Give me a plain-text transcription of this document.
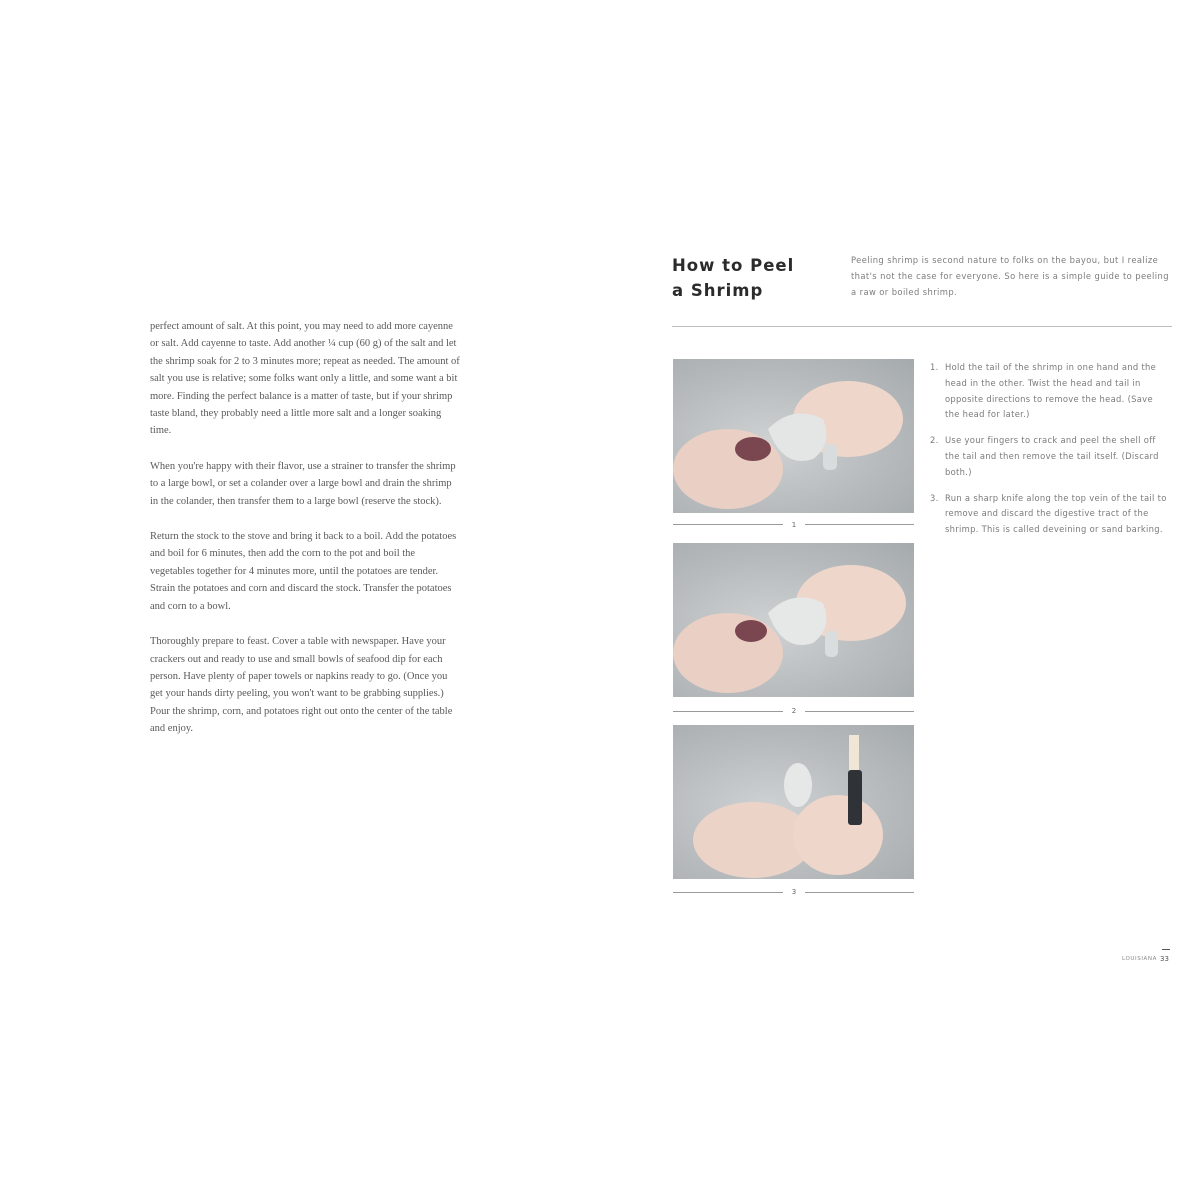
perfect amount of salt. At this point, you may need to add more cayenne or salt. Add cayenne to taste. Add another ¼ cup (60 g) of the salt and let the shrimp soak for 2 to 3 minutes more; repeat as needed. The amount of salt you use is relative; some folks want only a little, and some want a bit more. Finding the perfect balance is a matter of taste, but if your shrimp taste bland, they probably need a little more salt and a longer soaking time.

When you're happy with their flavor, use a strainer to transfer the shrimp to a large bowl, or set a colander over a large bowl and drain the shrimp in the colander, then transfer them to a large bowl (reserve the stock).

Return the stock to the stove and bring it back to a boil. Add the potatoes and boil for 6 minutes, then add the corn to the pot and boil the vegetables together for 4 minutes more, until the potatoes are tender. Strain the potatoes and corn and discard the stock. Transfer the potatoes and corn to a bowl.

Thoroughly prepare to feast. Cover a table with newspaper. Have your crackers out and ready to use and small bowls of seafood dip for each person. Have plenty of paper towels or napkins ready to go. (Once you get your hands dirty peeling, you won't want to be grabbing supplies.) Pour the shrimp, corn, and potatoes right out onto the center of the table and enjoy.

How to Peel
a Shrimp
Peeling shrimp is second nature to folks on the bayou, but I realize that's not the case for everyone. So here is a simple guide to peeling a raw or boiled shrimp.
1
2
3
1. Hold the tail of the shrimp in one hand and the head in the other. Twist the head and tail in opposite directions to remove the head. (Save the head for later.)
2. Use your fingers to crack and peel the shell off the tail and then remove the tail itself. (Discard both.)
3. Run a sharp knife along the top vein of the tail to remove and discard the digestive tract of the shrimp. This is called deveining or sand barking.
LOUISIANA 33
